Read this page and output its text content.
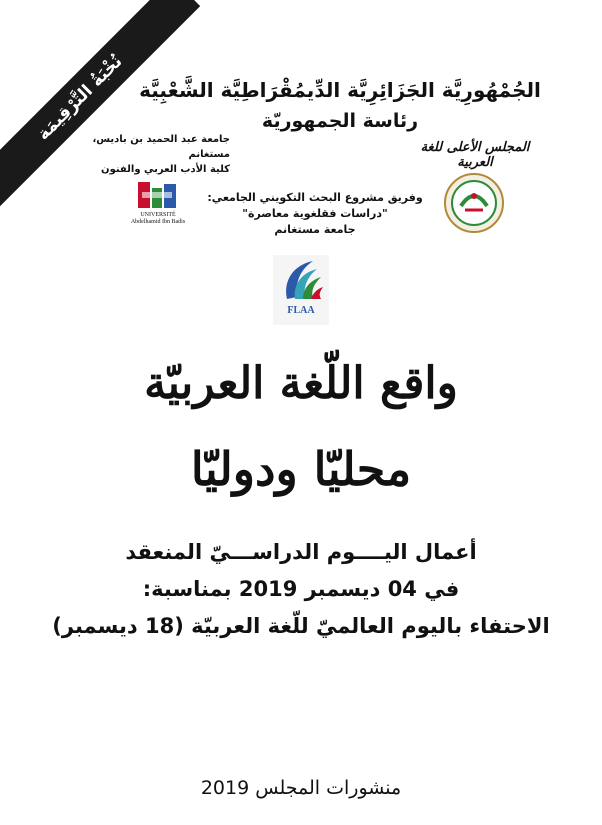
نُخْبَةُ التَّرْقِيمَة الجُمْهُورِيَّة الجَزَائِرِيَّة الدِّيمُقْرَاطِيَّة الشَّعْبِيَّة
رئاسة الجمهوريّة
جامعة عبد الحميد بن باديس، مستغانم
كلية الأدب العربي والفنون
المجلس الأعلى للغة العربية
UNIVERSITÉ
Abdelhamid Ibn Badis
وفريق مشروع البحث التكويني الجامعي:
"دراسات فقلغوية معاصرة"
جامعة مستغانم
FLAA
واقع اللّغة العربيّة
محليّا ودوليّا
أعمال اليــــوم الدراســـيّ المنعقد
في 04 ديسمبر 2019 بمناسبة:
الاحتفاء باليوم العالميّ للّغة العربيّة (18 ديسمبر)
منشورات المجلس 2019
